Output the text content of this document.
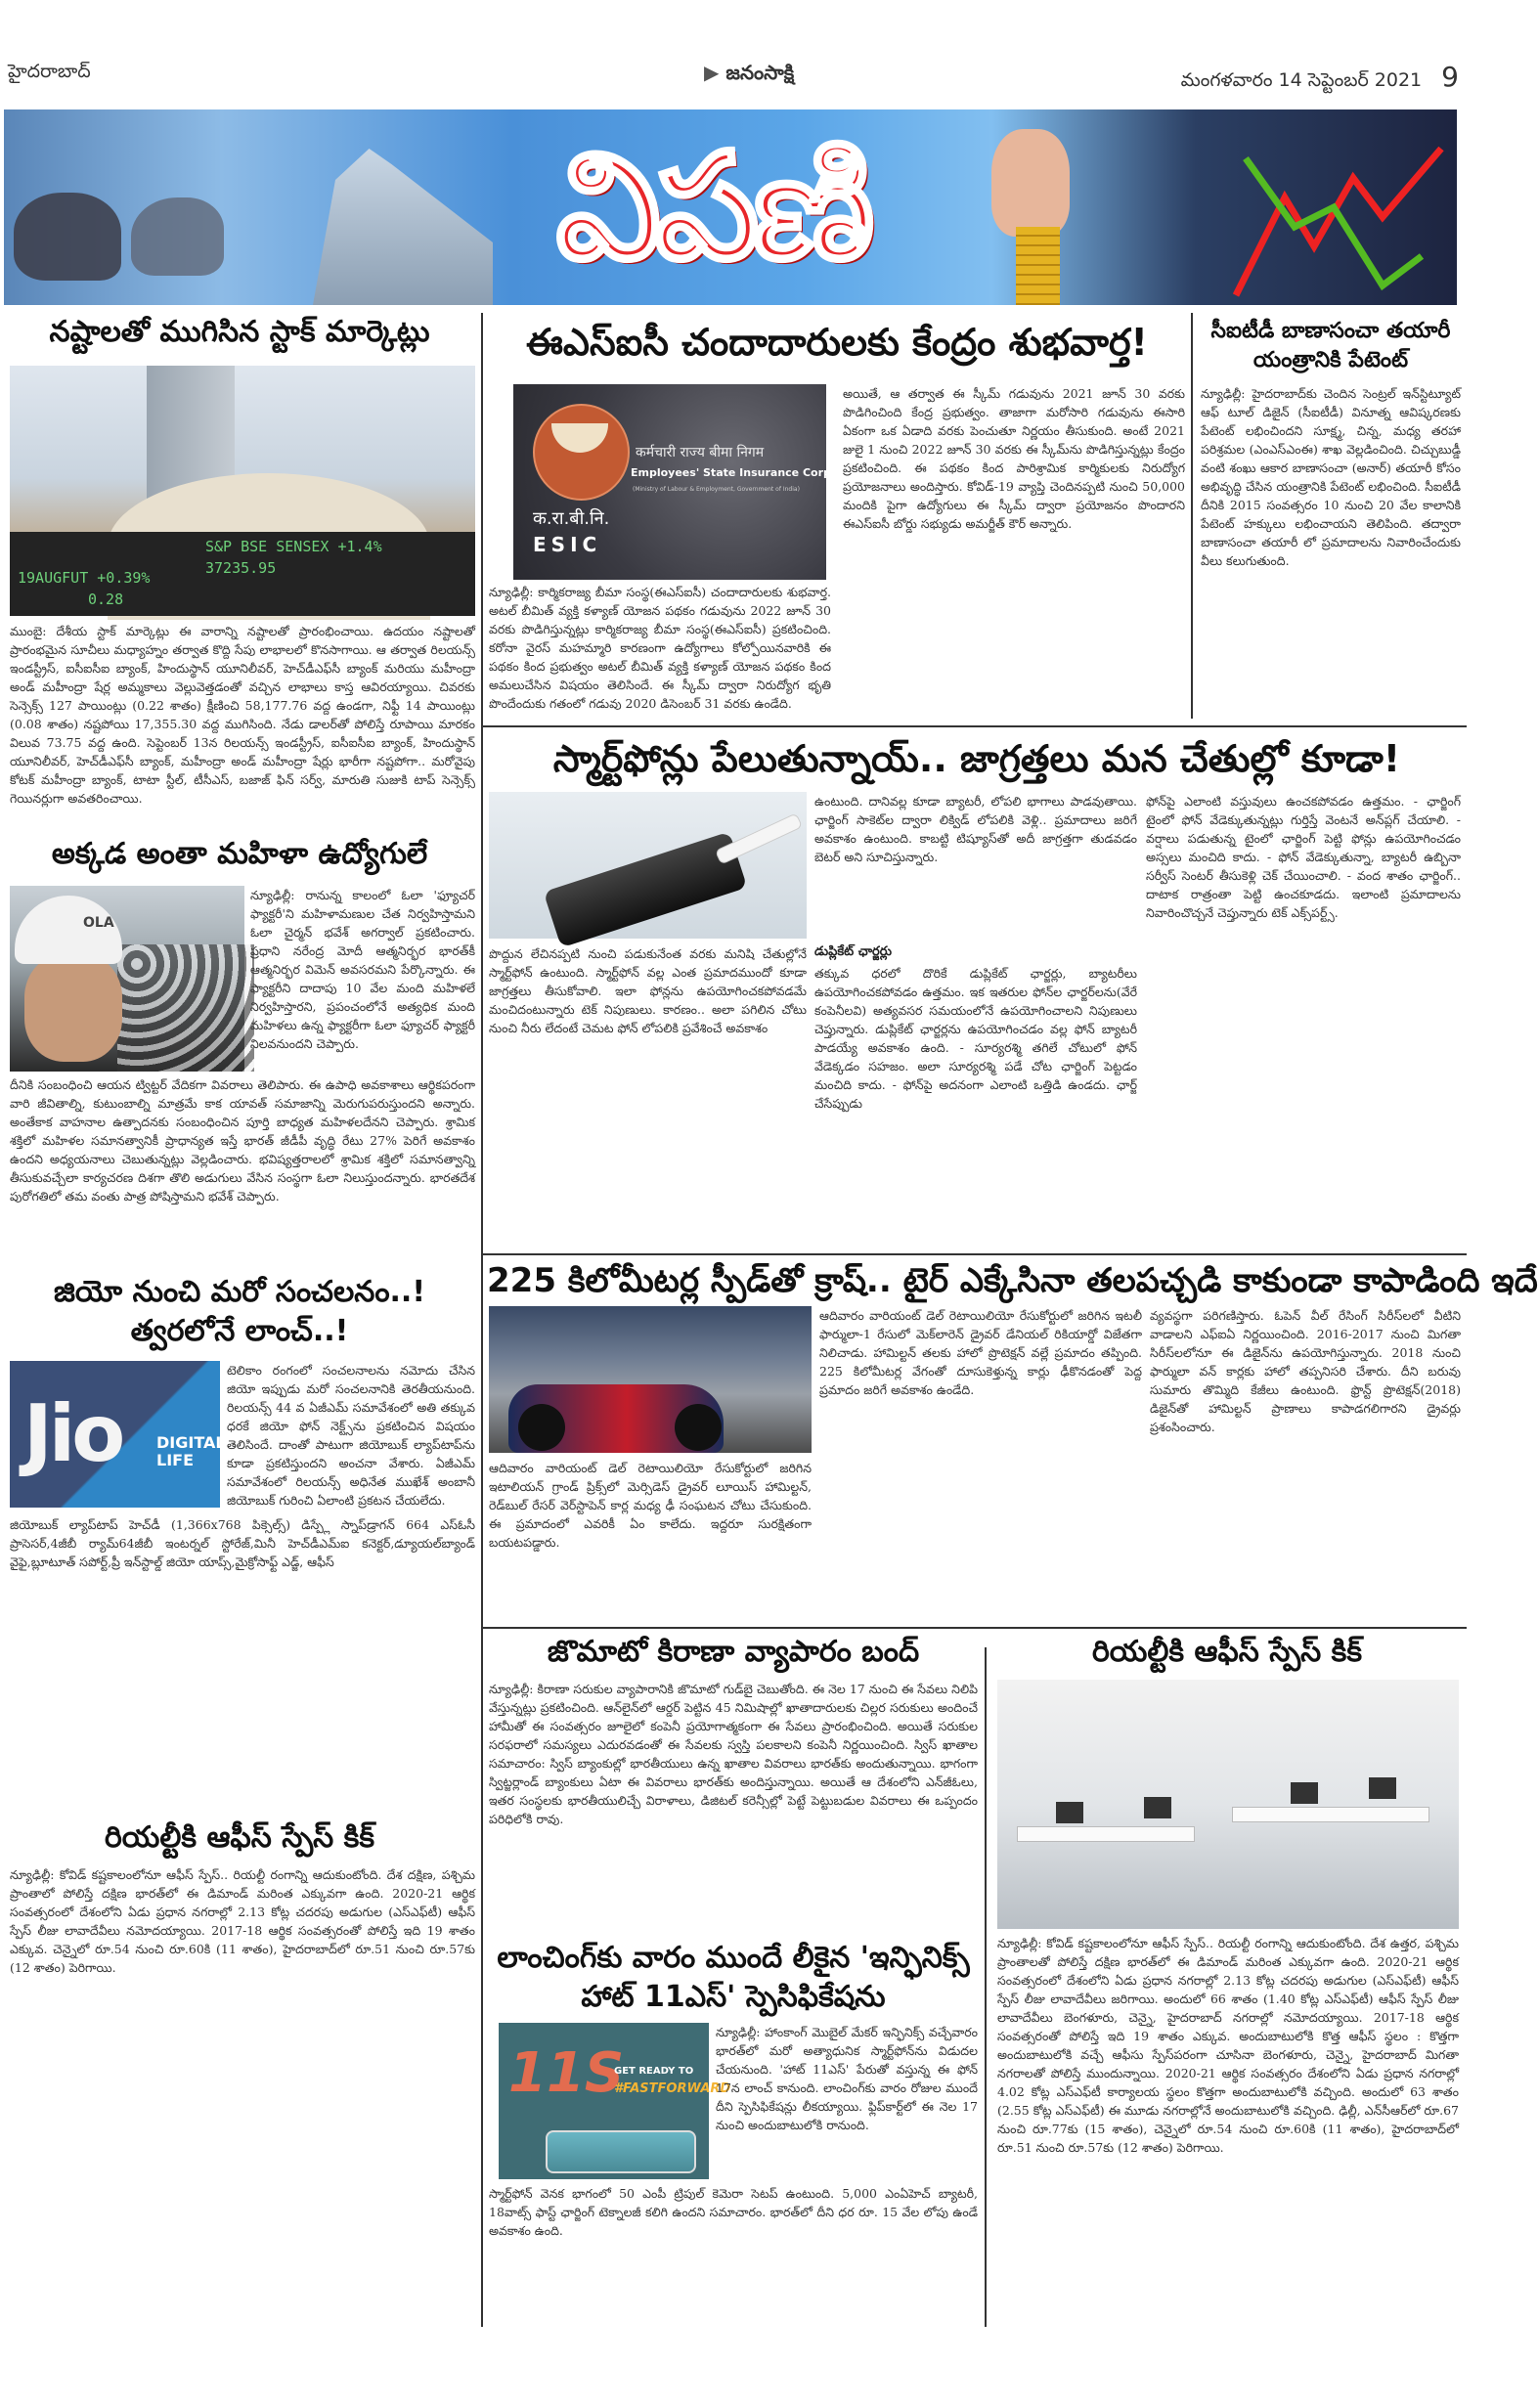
హైదరాబాద్	▶ జనంసాక్షి	మంగళవారం 14 సెప్టెంబర్ 2021 9
విపణి
నష్టాలతో ముగిసిన స్టాక్ మార్కెట్లు
S&P BSE SENSEX +1.4%
37235.95
19AUGFUT +0.39%
0.28
ముంబై: దేశీయ స్టాక్ మార్కెట్లు ఈ వారాన్ని నష్టాలతో ప్రారంభించాయి. ఉదయం నష్టాలతో ప్రారంభమైన సూచీలు మధ్యాహ్నం తర్వాత కొద్ది సేపు లాభాలలో కొనసాగాయి. ఆ తర్వాత రిలయన్స్ ఇండస్ట్రీస్, ఐసీఐసీఐ బ్యాంక్, హిందుస్థాన్ యూనిలీవర్, హెచ్‌డీఎఫ్‌సీ బ్యాంక్ మరియు మహీంద్రా అండ్ మహీంద్రా షేర్ల అమ్మకాలు వెల్లువెత్తడంతో వచ్చిన లాభాలు కాస్త ఆవిరయ్యాయి. చివరకు సెన్సెక్స్ 127 పాయింట్లు (0.22 శాతం) క్షీణించి 58,177.76 వద్ద ఉండగా, నిఫ్టీ 14 పాయింట్లు (0.08 శాతం) నష్టపోయి 17,355.30 వద్ద ముగిసింది. నేడు డాలర్‌తో పోలిస్తే రూపాయి మారకం విలువ 73.75 వద్ద ఉంది. సెప్టెంబర్ 13న రిలయన్స్ ఇండస్ట్రీస్, ఐసీఐసీఐ బ్యాంక్, హిందుస్థాన్ యూనిలీవర్, హెచ్‌డీఎఫ్‌సీ బ్యాంక్, మహీంద్రా అండ్ మహీంద్రా షేర్లు భారీగా నష్టపోగా.. మరోవైపు కోటక్ మహీంద్రా బ్యాంక్, టాటా స్టీల్, టీసీఎస్, బజాజ్ ఫిన్ సర్వ్, మారుతి సుజుకి టాప్ సెన్సెక్స్ గెయినర్లుగా అవతరించాయి.
అక్కడ అంతా మహిళా ఉద్యోగులే
OLA
న్యూఢిల్లీ: రానున్న కాలంలో ఓలా 'ఫ్యూచర్ ఫ్యాక్టరీ'ని మహిళామణుల చేత నిర్వహిస్తామని ఓలా చైర్మన్ భవేశ్ అగర్వాల్ ప్రకటించారు. ప్రధాని నరేంద్ర మోదీ ఆత్మనిర్భర భారత్‌కీ ఆత్మనిర్భర విమెన్ అవసరమని పేర్కొన్నారు. ఈ ఫ్యాక్టరీని దాదాపు 10 వేల మంది మహిళలే నిర్వహిస్తారని, ప్రపంచంలోనే అత్యధిక మంది మహిళలు ఉన్న ఫ్యాక్టరీగా ఓలా ఫ్యూచర్ ఫ్యాక్టరీ నిలవనుందని చెప్పారు.
దీనికి సంబంధించి ఆయన ట్విట్టర్ వేదికగా వివరాలు తెలిపారు. ఈ ఉపాధి అవకాశాలు ఆర్థికపరంగా వారి జీవితాల్ని, కుటుంబాల్ని మాత్రమే కాక యావత్ సమాజాన్ని మెరుగుపరుస్తుందని అన్నారు. అంతేకాక వాహనాల ఉత్పాదనకు సంబంధించిన పూర్తి బాధ్యత మహిళలదేనని చెప్పారు. శ్రామిక శక్తిలో మహిళల సమానత్వానికీ ప్రాధాన్యత ఇస్తే భారత్ జీడీపీ వృద్ధి రేటు 27% పెరిగే అవకాశం ఉందని అధ్యయనాలు చెబుతున్నట్లు వెల్లడించారు. భవిష్యత్తరాలలో శ్రామిక శక్తిలో సమానత్వాన్ని తీసుకువచ్చేలా కార్యచరణ దిశగా తొలి అడుగులు వేసిన సంస్థగా ఓలా నిలుస్తుందన్నారు. భారతదేశ పురోగతిలో తమ వంతు పాత్ర పోషిస్తామని భవేశ్ చెప్పారు.
జియో నుంచి మరో సంచలనం..!
త్వరలోనే లాంచ్..!
Jio DIGITAL
LIFE
టెలికాం రంగంలో సంచలనాలను నమోదు చేసిన జియో ఇప్పుడు మరో సంచలనానికి తెరతీయనుంది. రిలయన్స్ 44 వ ఏజీఎమ్ సమావేశంలో అతి తక్కువ ధరకే జియో ఫోన్ నెక్ట్స్‌ను ప్రకటించిన విషయం తెలిసిందే. దాంతో పాటుగా జియోబుక్ ల్యాప్‌టాప్‌ను కూడా ప్రకటిస్తుందని అంచనా వేశారు. ఏజీఎమ్ సమావేశంలో రిలయన్స్ అధినేత ముఖేశ్ అంబానీ జియోబుక్ గురించి ఏలాంటి ప్రకటన చేయలేదు.
జియోబుక్ ల్యాప్‌టాప్ హెచ్‌డీ (1,366x768 పిక్సెల్స్) డిస్ప్లే స్నాప్‌డ్రాగన్ 664 ఎస్ఓసీ ప్రాసెసర్,4జీబీ ర్యామ్‌64జీబీ ఇంటర్నల్ స్టోరేజ్,మినీ హెచ్‌డీఎమ్ఐ కనెక్టర్,డ్యూయల్‌బ్యాండ్ వైఫై,బ్లూటూత్ సపోర్ట్,ప్రీ ఇన్‌స్టాల్డ్ జియో యాప్స్,మైక్రోసాఫ్ట్ ఎడ్జ్, ఆఫీస్
రియల్టీకి ఆఫీస్ స్పేస్ కిక్
న్యూఢిల్లీ: కోవిడ్ కష్టకాలంలోనూ ఆఫీస్ స్పేస్.. రియల్టీ రంగాన్ని ఆదుకుంటోంది. దేశ దక్షిణ, పశ్చిమ ప్రాంతాలో పోలిస్తే దక్షిణ భారత్‌లో ఈ డిమాండ్ మరింత ఎక్కువగా ఉంది. 2020-21 ఆర్థిక సంవత్సరంలో దేశంలోని ఏడు ప్రధాన నగరాల్లో 2.13 కోట్ల చదరపు అడుగుల (ఎస్ఎఫ్‌టీ) ఆఫీస్ స్పేస్ లీజు లావాదేవీలు నమోదయ్యాయి. 2017-18 ఆర్థిక సంవత్సరంతో పోలిస్తే ఇది 19 శాతం ఎక్కువ. చెన్నైలో రూ.54 నుంచి రూ.60కి (11 శాతం), హైదరాబాద్‌లో రూ.51 నుంచి రూ.57కు (12 శాతం) పెరిగాయి.
ఈఎస్ఐసీ చందాదారులకు కేంద్రం శుభవార్త!
कर्मचारी राज्य बीमा निगम
Employees' State Insurance Corporation
(Ministry of Labour & Employment, Government of India)
क.रा.बी.नि.
ESIC
న్యూఢిల్లీ: కార్మికరాజ్య బీమా సంస్థ(ఈఎస్ఐసీ) చందాదారులకు శుభవార్త. అటల్ బీమిత్ వ్యక్తి కళ్యాణ్ యోజన పథకం గడువును 2022 జూన్ 30 వరకు పొడిగిస్తున్నట్లు కార్మికరాజ్య బీమా సంస్థ(ఈఎస్ఐసీ) ప్రకటించింది. కరోనా వైరస్ మహమ్మారి కారణంగా ఉద్యోగాలు కోల్పోయినవారికి ఈ పథకం కింద ప్రభుత్వం అటల్ బీమిత్ వ్యక్తి కళ్యాణ్ యోజన పథకం కింద అమలుచేసిన విషయం తెలిసిందే. ఈ స్కీమ్ ద్వారా నిరుద్యోగ భృతి పొందేందుకు గతంలో గడువు 2020 డిసెంబర్ 31 వరకు ఉండేది.
అయితే, ఆ తర్వాత ఈ స్కీమ్ గడువును 2021 జూన్ 30 వరకు పొడిగించింది కేంద్ర ప్రభుత్వం. తాజాగా మరోసారి గడువును ఈసారి ఏకంగా ఒక ఏడాది వరకు పెంచుతూ నిర్ణయం తీసుకుంది. అంటే 2021 జులై 1 నుంచి 2022 జూన్ 30 వరకు ఈ స్కీమ్‌ను పొడిగిస్తున్నట్లు కేంద్రం ప్రకటించింది. ఈ పథకం కింద పారిశ్రామిక కార్మికులకు నిరుద్యోగ ప్రయోజనాలు అందిస్తారు. కోవిడ్-19 వ్యాప్తి చెందినప్పటి నుంచి 50,000 మందికి పైగా ఉద్యోగులు ఈ స్కీమ్ ద్వారా ప్రయోజనం పొందారని ఈఎస్ఐసీ బోర్డు సభ్యుడు అమర్జీత్ కౌర్ అన్నారు.
సీఐటీడీ బాణాసంచా తయారీ
యంత్రానికి పేటెంట్
న్యూఢిల్లీ: హైదరాబాద్‌కు చెందిన సెంట్రల్ ఇన్‌స్టిట్యూట్ ఆఫ్ టూల్ డిజైన్ (సీఐటీడీ) వినూత్న ఆవిష్కరణకు పేటెంట్ లభించిందని సూక్ష్మ, చిన్న, మధ్య తరహా పరిశ్రమల (ఎంఎస్ఎంఈ) శాఖ వెల్లడించింది. చిచ్చుబుడ్డీ వంటి శంఖు ఆకార బాణాసంచా (అనార్) తయారీ కోసం అభివృద్ధి చేసిన యంత్రానికి పేటెంట్ లభించింది. సీఐటీడీ దీనికి 2015 సంవత్సరం 10 నుంచి 20 వేల కాలానికి పేటెంట్ హక్కులు లభించాయని తెలిపింది. తద్వారా బాణాసంచా తయారీ లో ప్రమాదాలను నివారించేందుకు వీలు కలుగుతుంది.
స్మార్ట్‌ఫోన్లు పేలుతున్నాయ్.. జాగ్రత్తలు మన చేతుల్లో కూడా!
పొద్దున లేచినప్పటి నుంచి పడుకునేంత వరకు మనిషి చేతుల్లోనే స్మార్ట్‌ఫోన్ ఉంటుంది. స్మార్ట్‌ఫోన్ వల్ల ఎంత ప్రమాదముందో కూడా జాగ్రత్తలు తీసుకోవాలి. ఇలా ఫోన్లను ఉపయోగించకపోవడమే మంచిదంటున్నారు టెక్ నిపుణులు. కారణం.. అలా పగిలిన చోటు నుంచి నీరు లేదంటే చెమట ఫోన్ లోపలికి ప్రవేశించే అవకాశం
ఉంటుంది. దానివల్ల కూడా బ్యాటరీ, లోపలి భాగాలు పాడవుతాయి. ఛార్జింగ్ సాకెట్‌ల ద్వారా లిక్విడ్ లోపలికి వెళ్లి.. ప్రమాదాలు జరిగే అవకాశం ఉంటుంది. కాబట్టి టిష్యూస్‌తో అదీ జాగ్రత్తగా తుడవడం బెటర్ అని సూచిస్తున్నారు.
డుప్లికేట్ ఛార్జర్లు
తక్కువ ధరలో దొరికే డుప్లికేట్ ఛార్జర్లు, బ్యాటరీలు ఉపయోగించకపోవడం ఉత్తమం. ఇక ఇతరుల ఫోన్‌ల ఛార్జర్‌లను(వేరే కంపెనీలవి) అత్యవసర సమయంలోనే ఉపయోగించాలని నిపుణులు చెప్తున్నారు. డుప్లికేట్ ఛార్జర్లను ఉపయోగించడం వల్ల ఫోన్ బ్యాటరీ పాడయ్యే అవకాశం ఉంది. - సూర్యరశ్మి తగిలే చోటులో ఫోన్ వేడెక్కడం సహజం. అలా సూర్యరశ్మి పడే చోట ఛార్జింగ్ పెట్టడం మంచిది కాదు. - ఫోన్‌పై అదనంగా ఎలాంటి ఒత్తిడి ఉండదు. ఛార్జ్ చేసేప్పుడు
ఫోన్‌పై ఎలాంటి వస్తువులు ఉంచకపోవడం ఉత్తమం. - ఛార్జింగ్ టైంలో ఫోన్ వేడెక్కుతున్నట్లు గుర్తిస్తే వెంటనే అన్‌ప్లగ్ చేయాలి. - వర్షాలు పడుతున్న టైంలో ఛార్జింగ్ పెట్టి ఫోన్లు ఉపయోగించడం అస్సలు మంచిది కాదు. - ఫోన్ వేడెక్కుతున్నా, బ్యాటరీ ఉబ్బినా సర్వీస్ సెంటర్ తీసుకెళ్లి చెక్ చేయించాలి. - వంద శాతం ఛార్జింగ్.. దాటాక రాత్రంతా పెట్టి ఉంచకూడదు. ఇలాంటి ప్రమాదాలను నివారించొచ్చనే చెప్తున్నారు టెక్ ఎక్స్‌పర్ట్స్.
225 కిలోమీటర్ల స్పీడ్‌తో క్రాష్.. టైర్ ఎక్కేసినా తలపచ్చడి కాకుండా కాపాడింది ఇదే
ఆదివారం వారియంట్ డెల్ రెటాయిలియో రేసుకోర్టులో జరిగిన ఇటాలియన్ గ్రాండ్ ప్రిక్స్‌లో మెర్సిడెస్ డ్రైవర్ లూయిస్ హామిల్టన్, రెడ్‌బుల్ రేసర్ వెర్‌స్టాపెన్ కార్ల మధ్య ఢీ సంఘటన చోటు చేసుకుంది. ఈ ప్రమాదంలో ఎవరికీ ఏం కాలేదు. ఇద్దరూ సురక్షితంగా బయటపడ్డారు.
ఆదివారం వారియంట్ డెల్ రెటాయిలియో రేసుకోర్టులో జరిగిన ఇటలీ ఫార్ములా-1 రేసులో మెక్‌లారెన్ డ్రైవర్ డేనియల్ రికియార్డో విజేతగా నిలిచాడు. హామిల్టన్ తలకు హాలో ప్రొటెక్షన్ వల్లే ప్రమాదం తప్పింది. 225 కిలోమీటర్ల వేగంతో దూసుకెళ్తున్న కార్లు ఢీకొనడంతో పెద్ద ప్రమాదం జరిగే అవకాశం ఉండేది.
వ్యవస్థగా పరిగణిస్తారు. ఓపెన్ వీల్ రేసింగ్ సిరీస్‌లలో వీటిని వాడాలని ఎఫ్ఐఏ నిర్ణయించింది. 2016-2017 నుంచి మిగతా సిరీస్‌లలోనూ ఈ డిజైన్‌ను ఉపయోగిస్తున్నారు. 2018 నుంచి ఫార్ములా వన్ కార్లకు హాలో తప్పనిసరి చేశారు. దీని బరువు సుమారు తొమ్మిది కేజీలు ఉంటుంది. ఫ్రొన్ట్ ప్రొటెక్షన్(2018) డిజైన్‌తో హామిల్టన్ ప్రాణాలు కాపాడగలిగారని డ్రైవర్లు ప్రశంసించారు.
జొమాటో కిరాణా వ్యాపారం బంద్
న్యూఢిల్లీ: కిరాణా సరుకుల వ్యాపారానికి జొమాటో గుడ్‌బై చెబుతోంది. ఈ నెల 17 నుంచి ఈ సేవలు నిలిపి వేస్తున్నట్లు ప్రకటించింది. ఆన్‌లైన్‌లో ఆర్డర్ పెట్టిన 45 నిమిషాల్లో ఖాతాదారులకు చిల్లర సరుకులు అందించే హామీతో ఈ సంవత్సరం జూలైలో కంపెనీ ప్రయోగాత్మకంగా ఈ సేవలు ప్రారంభించింది. అయితే సరుకుల సరఫరాలో సమస్యలు ఎదురవడంతో ఈ సేవలకు స్వస్తి పలకాలని కంపెనీ నిర్ణయించింది. స్విస్ ఖాతాల సమాచారం: స్విస్ బ్యాంకుల్లో భారతీయులు ఉన్న ఖాతాల వివరాలు భారత్‌కు అందుతున్నాయి. భాగంగా స్విట్జర్లాండ్ బ్యాంకులు ఏటా ఈ వివరాలు భారత్‌కు అందిస్తున్నాయి. అయితే ఆ దేశంలోని ఎన్‌జీఓలు, ఇతర సంస్థలకు భారతీయులిచ్చే విరాళాలు, డిజిటల్ కరెన్సీల్లో పెట్టే పెట్టుబడుల వివరాలు ఈ ఒప్పందం పరిధిలోకి రావు.
లాంచింగ్‌కు వారం ముందే లీకైన 'ఇన్ఫినిక్స్
హాట్ 11ఎస్' స్పెసిఫికేషను
11S
GET READY TO
#FASTFORWARD
న్యూఢిల్లీ: హాంకాంగ్ మొబైల్ మేకర్ ఇన్ఫినిక్స్ వచ్చేవారం భారత్‌లో మరో అత్యాధునిక స్మార్ట్‌ఫోన్‌ను విడుదల చేయనుంది. 'హాట్ 11ఎస్' పేరుతో వస్తున్న ఈ ఫోన్ 17న లాంచ్ కానుంది. లాంచింగ్‌కు వారం రోజుల ముందే దీని స్పెసిఫికేషన్లు లీకయ్యాయి. ఫ్లిప్‌కార్ట్‌లో ఈ నెల 17 నుంచి అందుబాటులోకి రానుంది.
స్మార్ట్‌ఫోన్ వెనక భాగంలో 50 ఎంపీ ట్రిపుల్ కెమెరా సెటప్ ఉంటుంది. 5,000 ఎంఏహెచ్ బ్యాటరీ, 18వాట్స్ ఫాస్ట్ ఛార్జింగ్ టెక్నాలజీ కలిగి ఉందని సమాచారం. భారత్‌లో దీని ధర రూ. 15 వేల లోపు ఉండే అవకాశం ఉంది.
రియల్టీకి ఆఫీస్ స్పేస్ కిక్
న్యూఢిల్లీ: కోవిడ్ కష్టకాలంలోనూ ఆఫీస్ స్పేస్.. రియల్టీ రంగాన్ని ఆదుకుంటోంది. దేశ ఉత్తర, పశ్చిమ ప్రాంతాలతో పోలిస్తే దక్షిణ భారత్‌లో ఈ డిమాండ్ మరింత ఎక్కువగా ఉంది. 2020-21 ఆర్థిక సంవత్సరంలో దేశంలోని ఏడు ప్రధాన నగరాల్లో 2.13 కోట్ల చదరపు అడుగుల (ఎస్ఎఫ్‌టీ) ఆఫీస్ స్పేస్ లీజు లావాదేవీలు జరిగాయి. అందులో 66 శాతం (1.40 కోట్ల ఎస్ఎఫ్‌టీ) ఆఫీస్ స్పేస్ లీజు లావాదేవీలు బెంగళూరు, చెన్నై, హైదరాబాద్ నగరాల్లో నమోదయ్యాయి. 2017-18 ఆర్థిక సంవత్సరంతో పోలిస్తే ఇది 19 శాతం ఎక్కువ. అందుబాటులోకి కొత్త ఆఫీస్ స్థలం : కొత్తగా అందుబాటులోకి వచ్చే ఆఫీసు స్పేస్‌పరంగా చూసినా బెంగళూరు, చెన్నై, హైదరాబాద్ మిగతా నగరాలతో పోలిస్తే ముందున్నాయి. 2020-21 ఆర్థిక సంవత్సరం దేశంలోని ఏడు ప్రధాన నగరాల్లో 4.02 కోట్ల ఎస్ఎఫ్‌టీ కార్యాలయ స్థలం కొత్తగా అందుబాటులోకి వచ్చింది. అందులో 63 శాతం (2.55 కోట్ల ఎస్ఎఫ్‌టీ) ఈ మూడు నగరాల్లోనే అందుబాటులోకి వచ్చింది. ఢిల్లీ, ఎన్‌సీఆర్‌లో రూ.67 నుంచి రూ.77కు (15 శాతం), చెన్నైలో రూ.54 నుంచి రూ.60కి (11 శాతం), హైదరాబాద్‌లో రూ.51 నుంచి రూ.57కు (12 శాతం) పెరిగాయి.
